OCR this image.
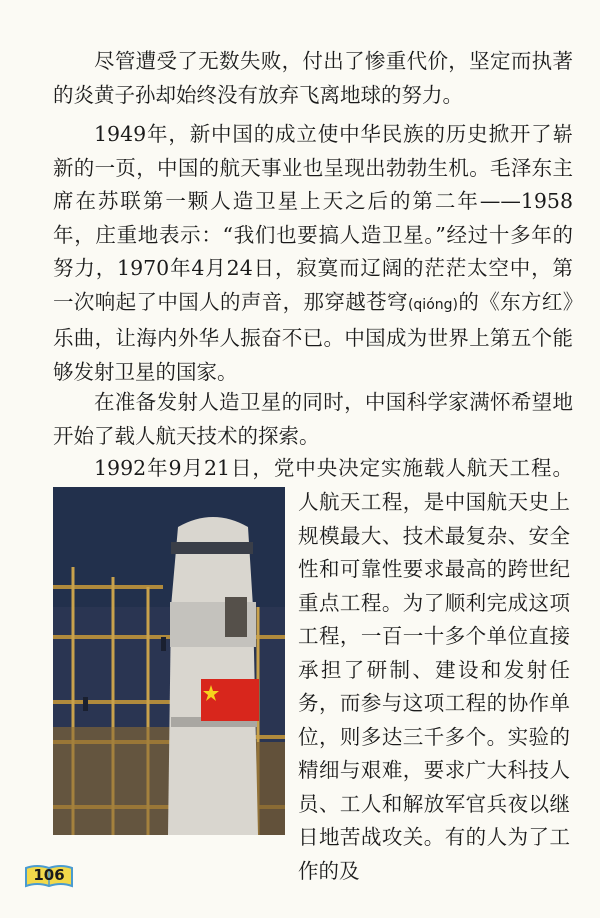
尽管遭受了无数失败，付出了惨重代价，坚定而执著的炎黄子孙却始终没有放弃飞离地球的努力。
1949年，新中国的成立使中华民族的历史掀开了崭新的一页，中国的航天事业也呈现出勃勃生机。毛泽东主席在苏联第一颗人造卫星上天之后的第二年——1958年，庄重地表示：“我们也要搞人造卫星。”经过十多年的努力，1970年4月24日，寂寞而辽阔的茫茫太空中，第一次响起了中国人的声音，那穿越苍穹(qióng)的《东方红》乐曲，让海内外华人振奋不已。中国成为世界上第五个能够发射卫星的国家。
在准备发射人造卫星的同时，中国科学家满怀希望地开始了载人航天技术的探索。
1992年9月21日，党中央决定实施载人航天工程。
人航天工程，是中国航天史上规模最大、技术最复杂、安全性和可靠性要求最高的跨世纪重点工程。为了顺利完成这项工程，一百一十多个单位直接承担了研制、建设和发射任务，而参与这项工程的协作单位，则多达三千多个。实验的精细与艰难，要求广大科技人员、工人和解放军官兵夜以继日地苦战攻关。有的人为了工作的及
106
